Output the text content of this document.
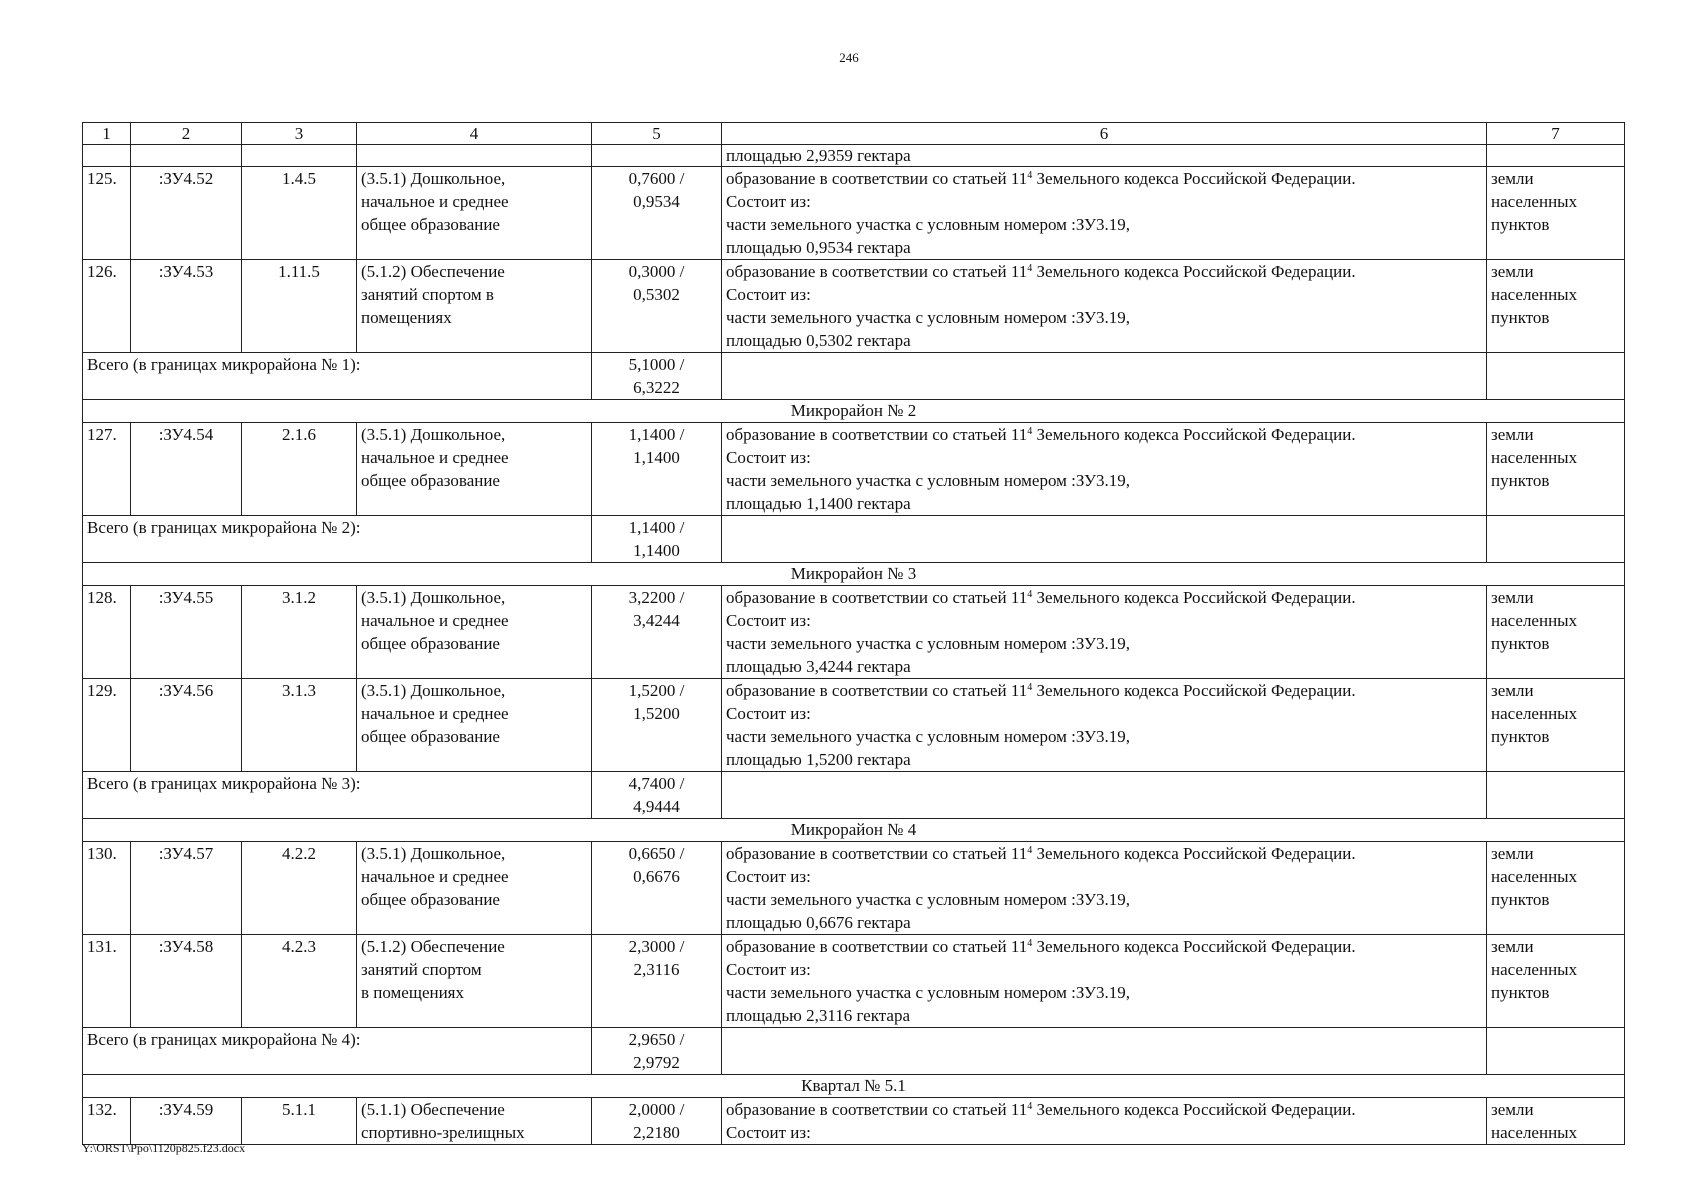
246
1	2	3	4	5	6	7
					площадью 2,9359 гектара	
125.	:ЗУ4.52	1.4.5	(3.5.1) Дошкольное,
начальное и среднее
общее образование	0,7600 /
0,9534	образование в соответствии со статьей $11^4$ Земельного кодекса Российской Федерации.
Состоит из:
части земельного участка с условным номером :ЗУ3.19,
площадью 0,9534 гектара	земли
населенных
пунктов

126.	:ЗУ4.53	1.11.5	(5.1.2) Обеспечение
занятий спортом в
помещениях	0,3000 /
0,5302	образование в соответствии со статьей $11^4$ Земельного кодекса Российской Федерации.
Состоит из:
части земельного участка с условным номером :ЗУ3.19,
площадью 0,5302 гектара	земли
населенных
пунктов

Всего (в границах микрорайона № 1):				5,1000 /
6,3222		

Микрорайон № 2						
127.	:ЗУ4.54	2.1.6	(3.5.1) Дошкольное,
начальное и среднее
общее образование	1,1400 /
1,1400	образование в соответствии со статьей $11^4$ Земельного кодекса Российской Федерации.
Состоит из:
части земельного участка с условным номером :ЗУ3.19,
площадью 1,1400 гектара	земли
населенных
пунктов

Всего (в границах микрорайона № 2):				1,1400 /
1,1400		

Микрорайон № 3						
128.	:ЗУ4.55	3.1.2	(3.5.1) Дошкольное,
начальное и среднее
общее образование	3,2200 /
3,4244	образование в соответствии со статьей $11^4$ Земельного кодекса Российской Федерации.
Состоит из:
части земельного участка с условным номером :ЗУ3.19,
площадью 3,4244 гектара	земли
населенных
пунктов

129.	:ЗУ4.56	3.1.3	(3.5.1) Дошкольное,
начальное и среднее
общее образование	1,5200 /
1,5200	образование в соответствии со статьей $11^4$ Земельного кодекса Российской Федерации.
Состоит из:
части земельного участка с условным номером :ЗУ3.19,
площадью 1,5200 гектара	земли
населенных
пунктов

Всего (в границах микрорайона № 3):				4,7400 /
4,9444		

Микрорайон № 4						
130.	:ЗУ4.57	4.2.2	(3.5.1) Дошкольное,
начальное и среднее
общее образование	0,6650 /
0,6676	образование в соответствии со статьей $11^4$ Земельного кодекса Российской Федерации.
Состоит из:
части земельного участка с условным номером :ЗУ3.19,
площадью 0,6676 гектара	земли
населенных
пунктов

131.	:ЗУ4.58	4.2.3	(5.1.2) Обеспечение
занятий спортом
в помещениях	2,3000 /
2,3116	образование в соответствии со статьей $11^4$ Земельного кодекса Российской Федерации.
Состоит из:
части земельного участка с условным номером :ЗУ3.19,
площадью 2,3116 гектара	земли
населенных
пунктов

Всего (в границах микрорайона № 4):				2,9650 /
2,9792		

Квартал № 5.1						
132.	:ЗУ4.59	5.1.1	(5.1.1) Обеспечение
спортивно-зрелищных	2,0000 /
2,2180	образование в соответствии со статьей $11^4$ Земельного кодекса Российской Федерации.
Состоит из:	земли
населенных
Y:\ORST\Ppo\1120p825.f23.docx
